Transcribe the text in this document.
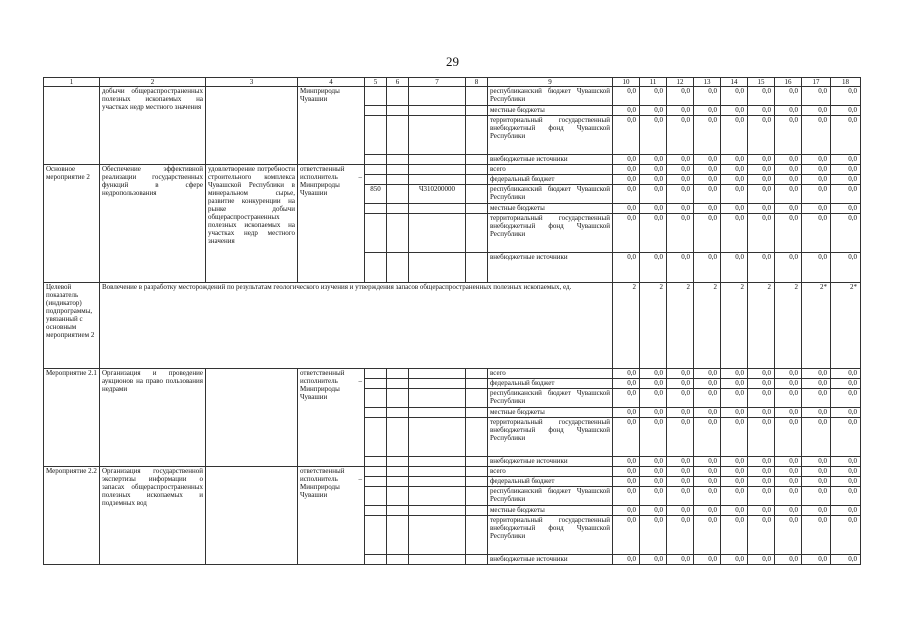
29
1	2	3	4	5	6	7	8	9	10	11	12	13	14	15	16	17	18
	добычи общераспространенных полезных ископаемых на участках недр местного значения		Минприроды Чувашии					республиканский бюджет Чувашской Республики	0,0	0,0	0,0	0,0	0,0	0,0	0,0	0,0	0,0
								местные бюджеты	0,0	0,0	0,0	0,0	0,0	0,0	0,0	0,0	0,0
								территориальный государственный внебюджетный фонд Чувашской Республики	0,0	0,0	0,0	0,0	0,0	0,0	0,0	0,0	0,0
								внебюджетные источники	0,0	0,0	0,0	0,0	0,0	0,0	0,0	0,0	0,0
Основное мероприятие 2	Обеспечение эффективной реализации государственных функций в сфере недропользования	удовлетворение потребности строительного комплекса Чувашской Республики в минеральном сырье, развитие конкуренции на рынке добычи общераспространенных полезных ископаемых на участках недр местного значения	ответственный исполнитель – Минприроды Чувашии					всего	0,0	0,0	0,0	0,0	0,0	0,0	0,0	0,0	0,0
								федеральный бюджет	0,0	0,0	0,0	0,0	0,0	0,0	0,0	0,0	0,0
				850		Ч310200000		республиканский бюджет Чувашской Республики	0,0	0,0	0,0	0,0	0,0	0,0	0,0	0,0	0,0
								местные бюджеты	0,0	0,0	0,0	0,0	0,0	0,0	0,0	0,0	0,0
								территориальный государственный внебюджетный фонд Чувашской Республики	0,0	0,0	0,0	0,0	0,0	0,0	0,0	0,0	0,0
								внебюджетные источники	0,0	0,0	0,0	0,0	0,0	0,0	0,0	0,0	0,0
Целевой показатель (индикатор) подпрограммы, увязанный с основным мероприятием 2	Вовлечение в разработку месторождений по результатам геологического изучения и утверждения запасов общераспространенных полезных ископаемых, ед.								2	2	2	2	2	2	2	2*	2*
Мероприятие 2.1	Организация и проведение аукционов на право пользования недрами		ответственный исполнитель – Минприроды Чувашии					всего	0,0	0,0	0,0	0,0	0,0	0,0	0,0	0,0	0,0
								федеральный бюджет	0,0	0,0	0,0	0,0	0,0	0,0	0,0	0,0	0,0
								республиканский бюджет Чувашской Республики	0,0	0,0	0,0	0,0	0,0	0,0	0,0	0,0	0,0
								местные бюджеты	0,0	0,0	0,0	0,0	0,0	0,0	0,0	0,0	0,0
								территориальный государственный внебюджетный фонд Чувашской Республики	0,0	0,0	0,0	0,0	0,0	0,0	0,0	0,0	0,0
								внебюджетные источники	0,0	0,0	0,0	0,0	0,0	0,0	0,0	0,0	0,0
Мероприятие 2.2	Организация государственной экспертизы информации о запасах общераспространенных полезных ископаемых и подземных вод		ответственный исполнитель – Минприроды Чувашии					всего	0,0	0,0	0,0	0,0	0,0	0,0	0,0	0,0	0,0
								федеральный бюджет	0,0	0,0	0,0	0,0	0,0	0,0	0,0	0,0	0,0
								республиканский бюджет Чувашской Республики	0,0	0,0	0,0	0,0	0,0	0,0	0,0	0,0	0,0
								местные бюджеты	0,0	0,0	0,0	0,0	0,0	0,0	0,0	0,0	0,0
								территориальный государственный внебюджетный фонд Чувашской Республики	0,0	0,0	0,0	0,0	0,0	0,0	0,0	0,0	0,0
								внебюджетные источники	0,0	0,0	0,0	0,0	0,0	0,0	0,0	0,0	0,0
